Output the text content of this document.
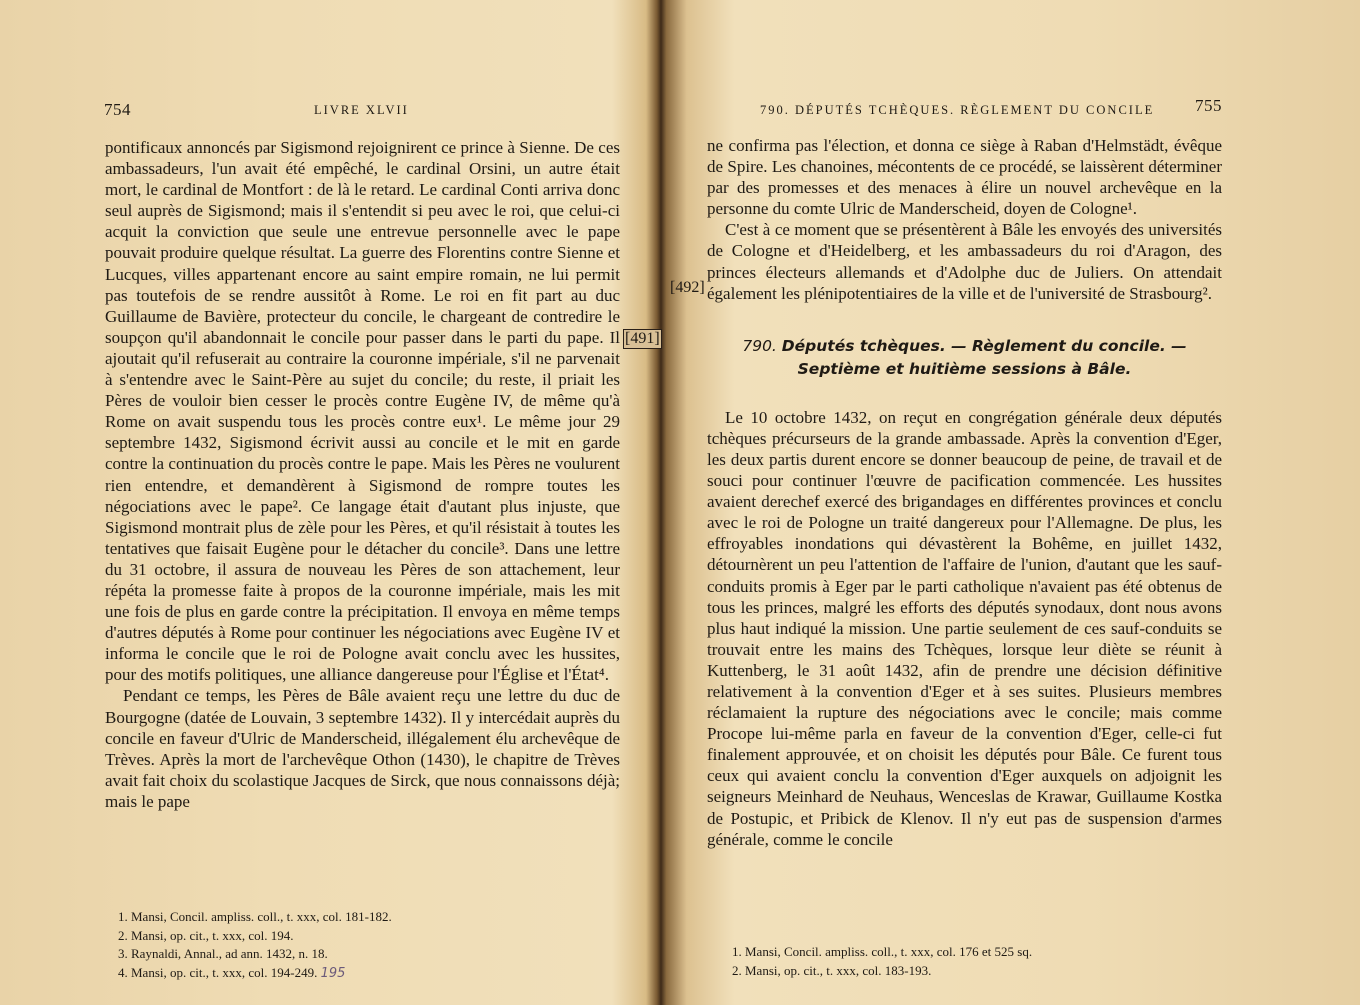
754	LIVRE XLVII

pontificaux annoncés par Sigismond rejoignirent ce prince à Sienne. De ces ambassadeurs, l'un avait été empêché, le cardinal Orsini, un autre était mort, le cardinal de Montfort : de là le retard. Le cardinal Conti arriva donc seul auprès de Sigismond; mais il s'entendit si peu avec le roi, que celui-ci acquit la conviction que seule une entrevue personnelle avec le pape pouvait produire quelque résultat. La guerre des Florentins contre Sienne et Lucques, villes appartenant encore au saint empire romain, ne lui permit pas toutefois de se rendre aussitôt à Rome. Le roi en fit part au duc Guillaume de Bavière, protecteur du concile, le chargeant de contredire le soupçon qu'il abandonnait le concile pour passer dans le parti du pape. Il ajoutait qu'il refuserait au contraire la couronne impériale, s'il ne parvenait à s'entendre avec le Saint-Père au sujet du concile; du reste, il priait les Pères de vouloir bien cesser le procès contre Eugène IV, de même qu'à Rome on avait suspendu tous les procès contre eux¹. Le même jour 29 septembre 1432, Sigismond écrivit aussi au concile et le mit en garde contre la continuation du procès contre le pape. Mais les Pères ne voulurent rien entendre, et demandèrent à Sigismond de rompre toutes les négociations avec le pape². Ce langage était d'autant plus injuste, que Sigismond montrait plus de zèle pour les Pères, et qu'il résistait à toutes les tentatives que faisait Eugène pour le détacher du concile³. Dans une lettre du 31 octobre, il assura de nouveau les Pères de son attachement, leur répéta la promesse faite à propos de la couronne impériale, mais les mit une fois de plus en garde contre la précipitation. Il envoya en même temps d'autres députés à Rome pour continuer les négociations avec Eugène IV et informa le concile que le roi de Pologne avait conclu avec les hussites, pour des motifs politiques, une alliance dangereuse pour l'Église et l'État⁴.

Pendant ce temps, les Pères de Bâle avaient reçu une lettre du duc de Bourgogne (datée de Louvain, 3 septembre 1432). Il y intercédait auprès du concile en faveur d'Ulric de Manderscheid, illégalement élu archevêque de Trèves. Après la mort de l'archevêque Othon (1430), le chapitre de Trèves avait fait choix du scolastique Jacques de Sirck, que nous connaissons déjà; mais le pape

[491]
1. Mansi, Concil. ampliss. coll., t. xxx, col. 181-182.
2. Mansi, op. cit., t. xxx, col. 194.
3. Raynaldi, Annal., ad ann. 1432, n. 18.
4. Mansi, op. cit., t. xxx, col. 194-249. 195
790. DÉPUTÉS TCHÈQUES. RÈGLEMENT DU CONCILE 755

ne confirma pas l'élection, et donna ce siège à Raban d'Helmstädt, évêque de Spire. Les chanoines, mécontents de ce procédé, se laissèrent déterminer par des promesses et des menaces à élire un nouvel archevêque en la personne du comte Ulric de Manderscheid, doyen de Cologne¹.

C'est à ce moment que se présentèrent à Bâle les envoyés des universités de Cologne et d'Heidelberg, et les ambassadeurs du roi d'Aragon, des princes électeurs allemands et d'Adolphe duc de Juliers. On attendait également les plénipotentiaires de la ville et de l'université de Strasbourg².

790. Députés tchèques. — Règlement du concile. — Septième et huitième sessions à Bâle.

Le 10 octobre 1432, on reçut en congrégation générale deux députés tchèques précurseurs de la grande ambassade. Après la convention d'Eger, les deux partis durent encore se donner beaucoup de peine, de travail et de souci pour continuer l'œuvre de pacification commencée. Les hussites avaient derechef exercé des brigandages en différentes provinces et conclu avec le roi de Pologne un traité dangereux pour l'Allemagne. De plus, les effroyables inondations qui dévastèrent la Bohême, en juillet 1432, détournèrent un peu l'attention de l'affaire de l'union, d'autant que les sauf-conduits promis à Eger par le parti catholique n'avaient pas été obtenus de tous les princes, malgré les efforts des députés synodaux, dont nous avons plus haut indiqué la mission. Une partie seulement de ces sauf-conduits se trouvait entre les mains des Tchèques, lorsque leur diète se réunit à Kuttenberg, le 31 août 1432, afin de prendre une décision définitive relativement à la convention d'Eger et à ses suites. Plusieurs membres réclamaient la rupture des négociations avec le concile; mais comme Procope lui-même parla en faveur de la convention d'Eger, celle-ci fut finalement approuvée, et on choisit les députés pour Bâle. Ce furent tous ceux qui avaient conclu la convention d'Eger auxquels on adjoignit les seigneurs Meinhard de Neuhaus, Wenceslas de Krawar, Guillaume Kostka de Postupic, et Pribick de Klenov. Il n'y eut pas de suspension d'armes générale, comme le concile

[492]
1. Mansi, Concil. ampliss. coll., t. xxx, col. 176 et 525 sq.
2. Mansi, op. cit., t. xxx, col. 183-193.
